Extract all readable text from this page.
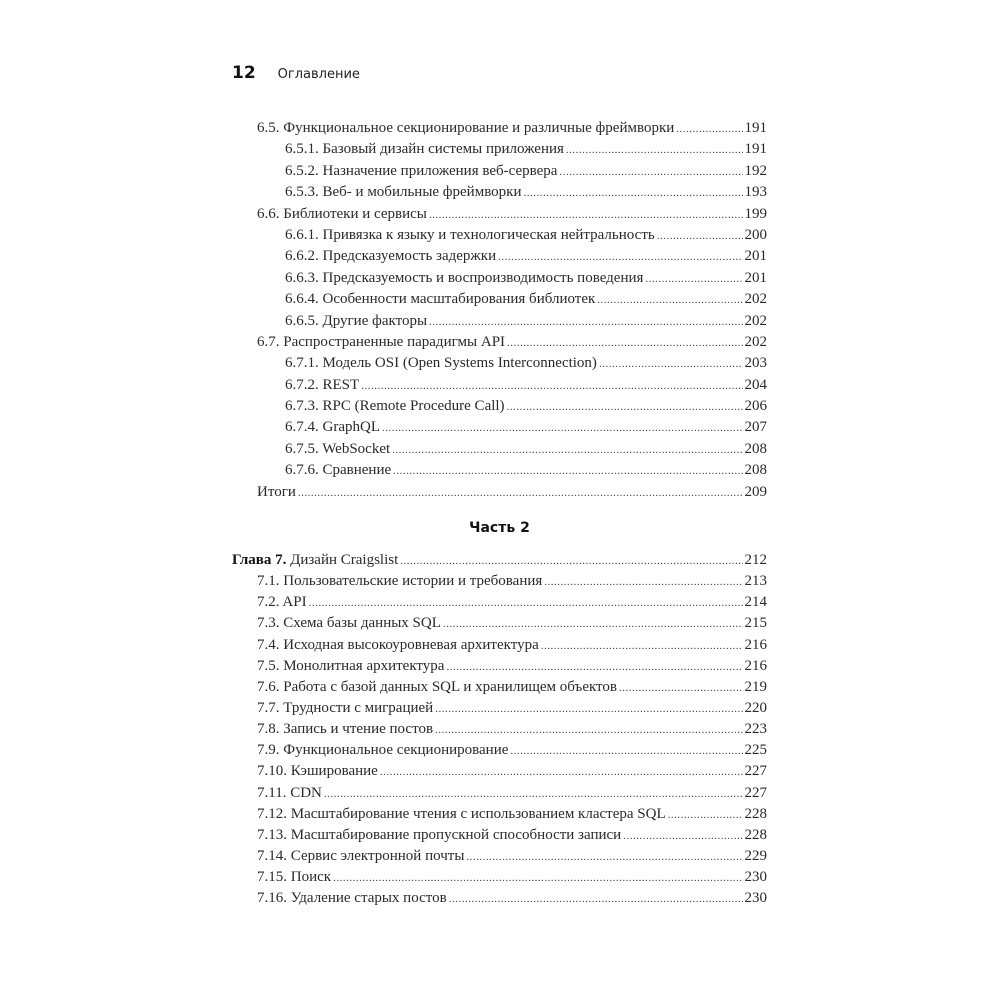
12 Оглавление
6.5. Функциональное секционирование и различные фреймворки .....	191
6.5.1. Базовый дизайн системы приложения .....	191
6.5.2. Назначение приложения веб-сервера .....	192
6.5.3. Веб- и мобильные фреймворки .....	193
6.6. Библиотеки и сервисы .....	199
6.6.1. Привязка к языку и технологическая нейтральность .....	200
6.6.2. Предсказуемость задержки .....	201
6.6.3. Предсказуемость и воспроизводимость поведения .....	201
6.6.4. Особенности масштабирования библиотек .....	202
6.6.5. Другие факторы .....	202
6.7. Распространенные парадигмы API .....	202
6.7.1. Модель OSI (Open Systems Interconnection) .....	203
6.7.2. REST .....	204
6.7.3. RPC (Remote Procedure Call) .....	206
6.7.4. GraphQL .....	207
6.7.5. WebSocket .....	208
6.7.6. Сравнение .....	208
Итоги .....	209
Часть 2
Глава 7. Дизайн Craigslist .....	212
7.1. Пользовательские истории и требования .....	213
7.2. API .....	214
7.3. Схема базы данных SQL .....	215
7.4. Исходная высокоуровневая архитектура .....	216
7.5. Монолитная архитектура .....	216
7.6. Работа с базой данных SQL и хранилищем объектов .....	219
7.7. Трудности с миграцией .....	220
7.8. Запись и чтение постов .....	223
7.9. Функциональное секционирование .....	225
7.10. Кэширование .....	227
7.11. CDN .....	227
7.12. Масштабирование чтения с использованием кластера SQL .....	228
7.13. Масштабирование пропускной способности записи .....	228
7.14. Сервис электронной почты .....	229
7.15. Поиск .....	230
7.16. Удаление старых постов .....	230
